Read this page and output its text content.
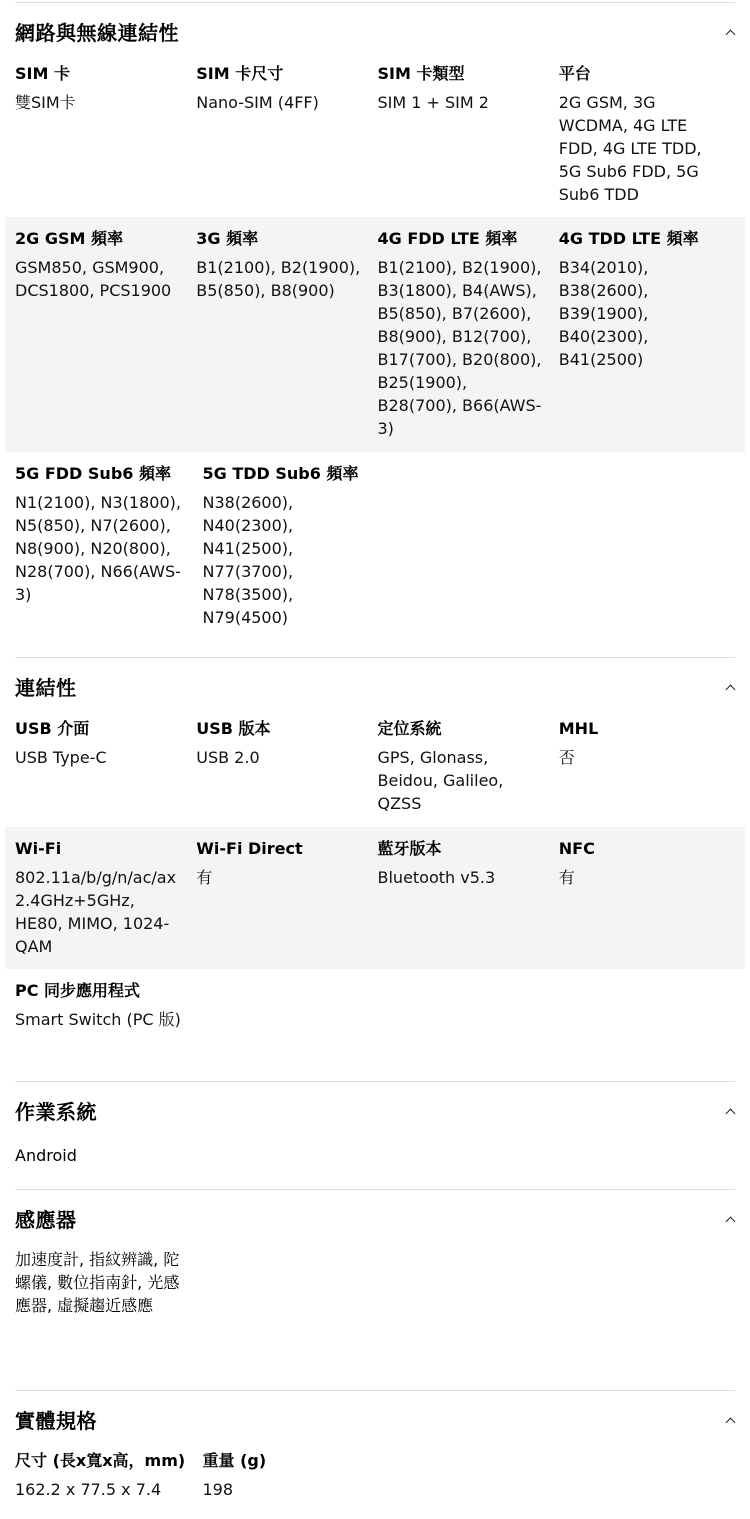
網路與無線連結性
SIM 卡
雙SIM卡
SIM 卡尺寸
Nano-SIM (4FF)
SIM 卡類型
SIM 1 + SIM 2
平台
2G GSM, 3G WCDMA, 4G LTE FDD, 4G LTE TDD, 5G Sub6 FDD, 5G Sub6 TDD
2G GSM 頻率
GSM850, GSM900, DCS1800, PCS1900
3G 頻率
B1(2100), B2(1900), B5(850), B8(900)
4G FDD LTE 頻率
B1(2100), B2(1900), B3(1800), B4(AWS), B5(850), B7(2600), B8(900), B12(700), B17(700), B20(800), B25(1900), B28(700), B66(AWS-3)
4G TDD LTE 頻率
B34(2010), B38(2600), B39(1900), B40(2300), B41(2500)
5G FDD Sub6 頻率
N1(2100), N3(1800), N5(850), N7(2600), N8(900), N20(800), N28(700), N66(AWS-3)
5G TDD Sub6 頻率
N38(2600), N40(2300), N41(2500), N77(3700), N78(3500), N79(4500)
連結性
USB 介面
USB Type-C
USB 版本
USB 2.0
定位系統
GPS, Glonass, Beidou, Galileo, QZSS
MHL
否
Wi-Fi
802.11a/b/g/n/ac/ax 2.4GHz+5GHz, HE80, MIMO, 1024-QAM
Wi-Fi Direct
有
藍牙版本
Bluetooth v5.3
NFC
有
PC 同步應用程式
Smart Switch (PC 版)
作業系統
Android
感應器
加速度計, 指紋辨識, 陀螺儀, 數位指南針, 光感應器, 虛擬趨近感應
實體規格
尺寸 (長x寬x高，mm)
162.2 x 77.5 x 7.4
重量 (g)
198
